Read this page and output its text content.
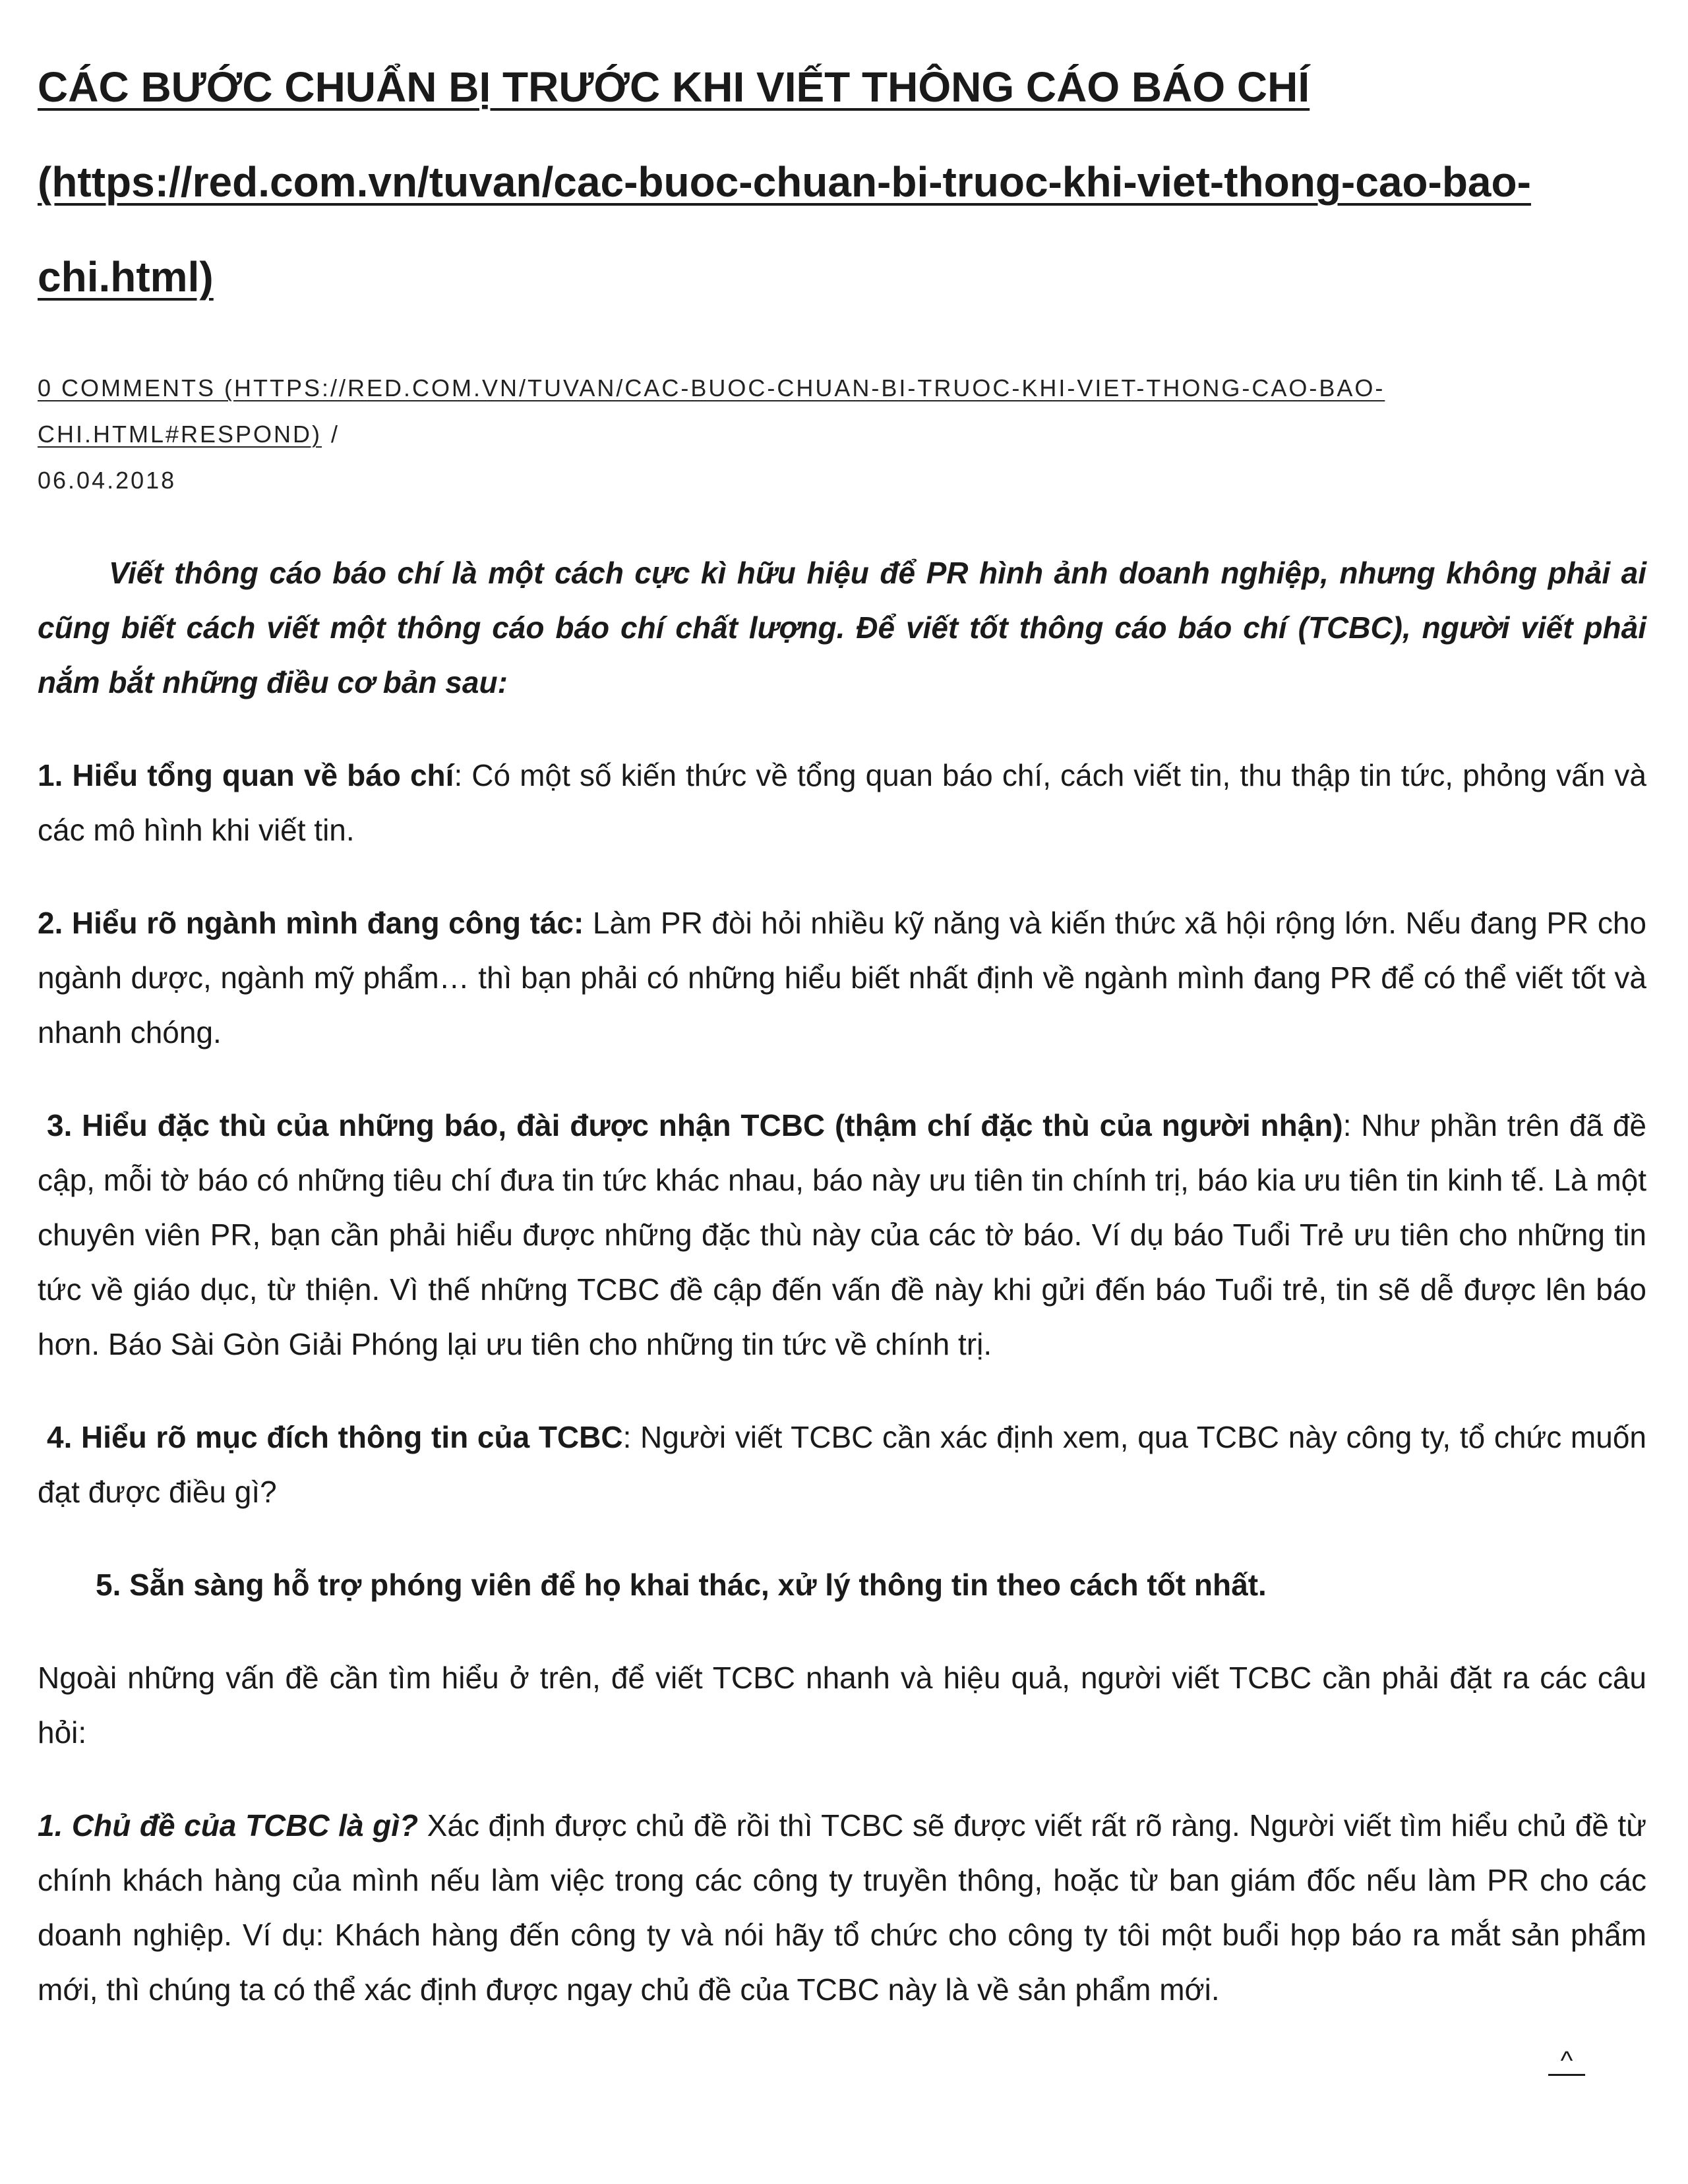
CÁC BƯỚC CHUẨN BỊ TRƯỚC KHI VIẾT THÔNG CÁO BÁO CHÍ (https://red.com.vn/tuvan/cac-buoc-chuan-bi-truoc-khi-viet-thong-cao-bao-chi.html)
0 COMMENTS (HTTPS://RED.COM.VN/TUVAN/CAC-BUOC-CHUAN-BI-TRUOC-KHI-VIET-THONG-CAO-BAO-CHI.HTML#RESPOND) /
06.04.2018

Viết thông cáo báo chí là một cách cực kì hữu hiệu để PR hình ảnh doanh nghiệp, nhưng không phải ai cũng biết cách viết một thông cáo báo chí chất lượng. Để viết tốt thông cáo báo chí (TCBC), người viết phải nắm bắt những điều cơ bản sau:

1. Hiểu tổng quan về báo chí: Có một số kiến thức về tổng quan báo chí, cách viết tin, thu thập tin tức, phỏng vấn và các mô hình khi viết tin.

2. Hiểu rõ ngành mình đang công tác: Làm PR đòi hỏi nhiều kỹ năng và kiến thức xã hội rộng lớn. Nếu đang PR cho ngành dược, ngành mỹ phẩm… thì bạn phải có những hiểu biết nhất định về ngành mình đang PR để có thể viết tốt và nhanh chóng.

3. Hiểu đặc thù của những báo, đài được nhận TCBC (thậm chí đặc thù của người nhận): Như phần trên đã đề cập, mỗi tờ báo có những tiêu chí đưa tin tức khác nhau, báo này ưu tiên tin chính trị, báo kia ưu tiên tin kinh tế. Là một chuyên viên PR, bạn cần phải hiểu được những đặc thù này của các tờ báo. Ví dụ báo Tuổi Trẻ ưu tiên cho những tin tức về giáo dục, từ thiện. Vì thế những TCBC đề cập đến vấn đề này khi gửi đến báo Tuổi trẻ, tin sẽ dễ được lên báo hơn. Báo Sài Gòn Giải Phóng lại ưu tiên cho những tin tức về chính trị.

4. Hiểu rõ mục đích thông tin của TCBC: Người viết TCBC cần xác định xem, qua TCBC này công ty, tổ chức muốn đạt được điều gì?

5. Sẵn sàng hỗ trợ phóng viên để họ khai thác, xử lý thông tin theo cách tốt nhất.

Ngoài những vấn đề cần tìm hiểu ở trên, để viết TCBC nhanh và hiệu quả, người viết TCBC cần phải đặt ra các câu hỏi:

1. Chủ đề của TCBC là gì? Xác định được chủ đề rồi thì TCBC sẽ được viết rất rõ ràng. Người viết tìm hiểu chủ đề từ chính khách hàng của mình nếu làm việc trong các công ty truyền thông, hoặc từ ban giám đốc nếu làm PR cho các doanh nghiệp. Ví dụ: Khách hàng đến công ty và nói hãy tổ chức cho công ty tôi một buổi họp báo ra mắt sản phẩm mới, thì chúng ta có thể xác định được ngay chủ đề của TCBC này là về sản phẩm mới.

^
